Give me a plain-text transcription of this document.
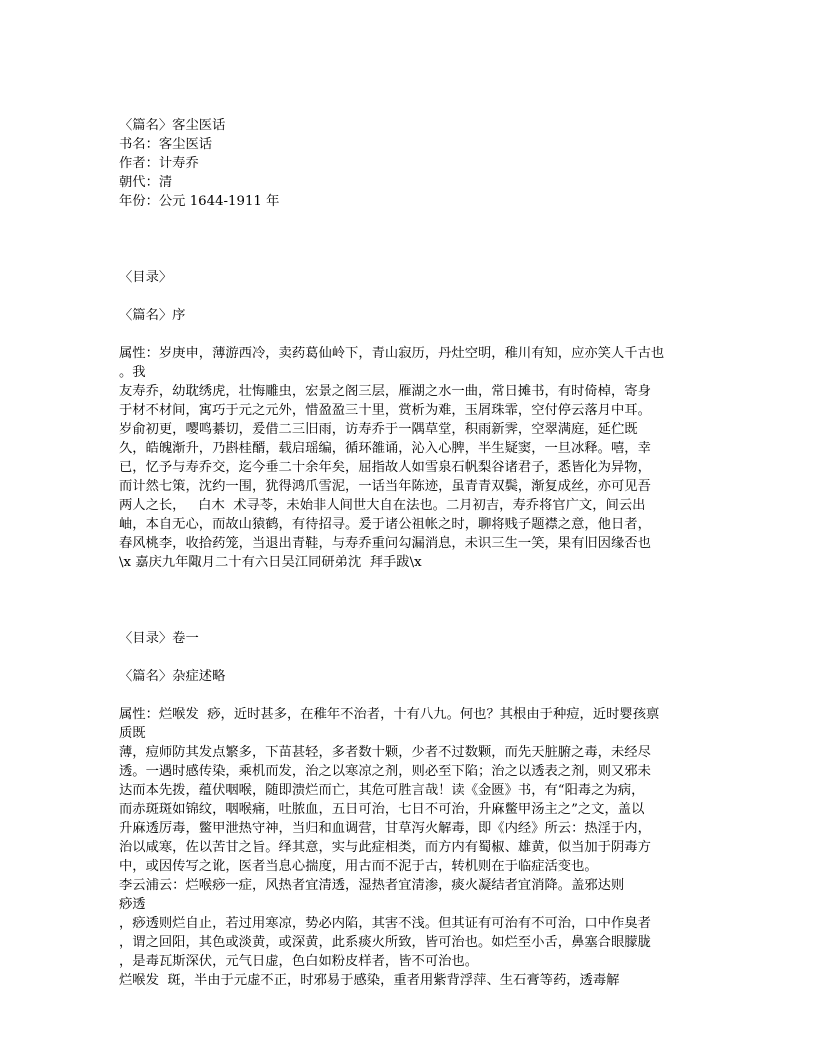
〈篇名〉客尘医话
书名：客尘医话
作者：计寿乔
朝代：清
年份：公元 1644-1911 年
〈目录〉
〈篇名〉序
属性：岁庚申，薄游西冷，卖药葛仙岭下，青山寂历，丹灶空明，稚川有知，应亦笑人千古也
。我
友寿乔，幼耽绣虎，壮悔雕虫，宏景之阁三层，雁湖之水一曲，常日摊书，有时倚棹，寄身
于材不材间，寓巧于元之元外，惜盈盈三十里，赏析为难，玉屑珠霏，空付停云落月中耳。
岁俞初更，嘤鸣綦切，爰借二三旧雨，访寿乔于一隅草堂，积雨新霁，空翠满庭，延伫既
久，皓魄渐升，乃斟桂醑，载启瑶编，循环雒诵，沁入心脾，半生疑窦，一旦冰释。嘻，幸
已，忆予与寿乔交，迄今垂二十余年矣，屈指故人如雪泉石帆梨谷诸君子，悉皆化为异物，
而计然七策，沈约一围，犹得鸿爪雪泥，一话当年陈迹，虽青青双鬓，渐复成丝，亦可见吾
两人之长，   白木  术寻苓，未始非人间世大自在法也。二月初吉，寿乔将官广文，间云出
岫，本自无心，而故山猿鹤，有待招寻。爰于诸公祖帐之时，聊将贱子题襟之意，他日者，
春风桃李，收拾药笼，当退出青鞋，与寿乔重问勾漏消息，未识三生一笑，果有旧因缘否也
\x 嘉庆九年陬月二十有六日吴江同研弟沈  拜手跋\x
〈目录〉卷一
〈篇名〉杂症述略
属性：烂喉发  痧，近时甚多，在稚年不治者，十有八九。何也？其根由于种痘，近时婴孩禀
质既
薄，痘师防其发点繁多，下苗甚轻，多者数十颗，少者不过数颗，而先天脏腑之毒，未经尽
透。一遇时感传染，乘机而发，治之以寒凉之剂，则必至下陷；治之以透表之剂，则又邪未
达而本先拨，蕴伏咽喉，随即溃烂而亡，其危可胜言哉！读《金匮》书，有“阳毒之为病，
而赤斑斑如锦纹，咽喉痛，吐脓血，五日可治，七日不可治，升麻鳖甲汤主之”之文，盖以
升麻透厉毒，鳖甲泄热守神，当归和血调营，甘草泻火解毒，即《内经》所云：热淫于内，
治以咸寒，佐以苦甘之旨。绎其意，实与此症相类，而方内有蜀椒、雄黄，似当加于阴毒方
中，或因传写之讹，医者当息心揣度，用古而不泥于古，转机则在于临症活变也。
李云浦云：烂喉痧一症，风热者宜清透，湿热者宜清渗，痰火凝结者宜消降。盖邪达则
痧透
，痧透则烂自止，若过用寒凉，势必内陷，其害不浅。但其证有可治有不可治，口中作臭者
，谓之回阳，其色或淡黄，或深黄，此系痰火所致，皆可治也。如烂至小舌，鼻塞合眼朦胧
，是毒瓦斯深伏，元气日虚，色白如粉皮样者，皆不可治也。
烂喉发  斑，半由于元虚不正，时邪易于感染，重者用紫背浮萍、生石膏等药，透毒解
